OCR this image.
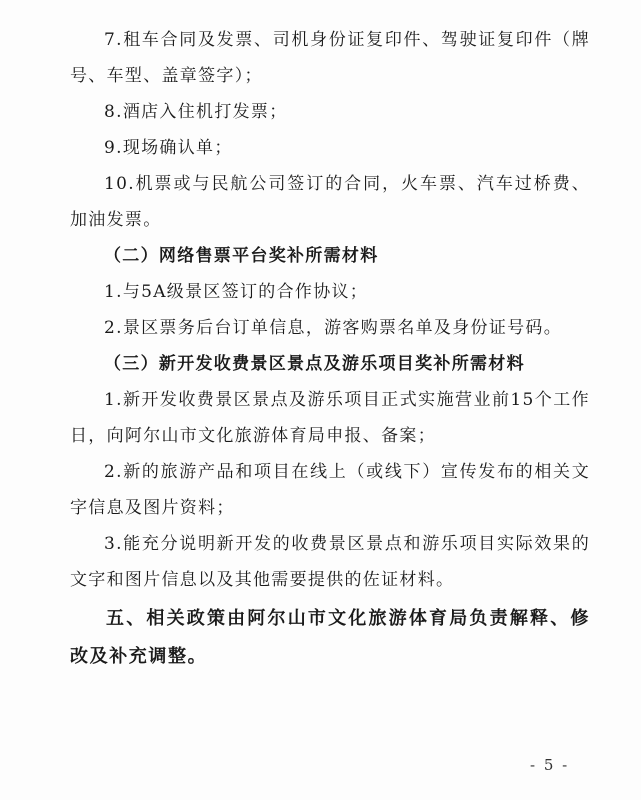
7.租车合同及发票、司机身份证复印件、驾驶证复印件（牌号、车型、盖章签字）；

8.酒店入住机打发票；

9.现场确认单；

10.机票或与民航公司签订的合同，火车票、汽车过桥费、加油发票。

（二）网络售票平台奖补所需材料

1.与5A级景区签订的合作协议；

2.景区票务后台订单信息，游客购票名单及身份证号码。

（三）新开发收费景区景点及游乐项目奖补所需材料

1.新开发收费景区景点及游乐项目正式实施营业前15个工作日，向阿尔山市文化旅游体育局申报、备案；

2.新的旅游产品和项目在线上（或线下）宣传发布的相关文字信息及图片资料；

3.能充分说明新开发的收费景区景点和游乐项目实际效果的文字和图片信息以及其他需要提供的佐证材料。

五、相关政策由阿尔山市文化旅游体育局负责解释、修改及补充调整。

- 5 -
